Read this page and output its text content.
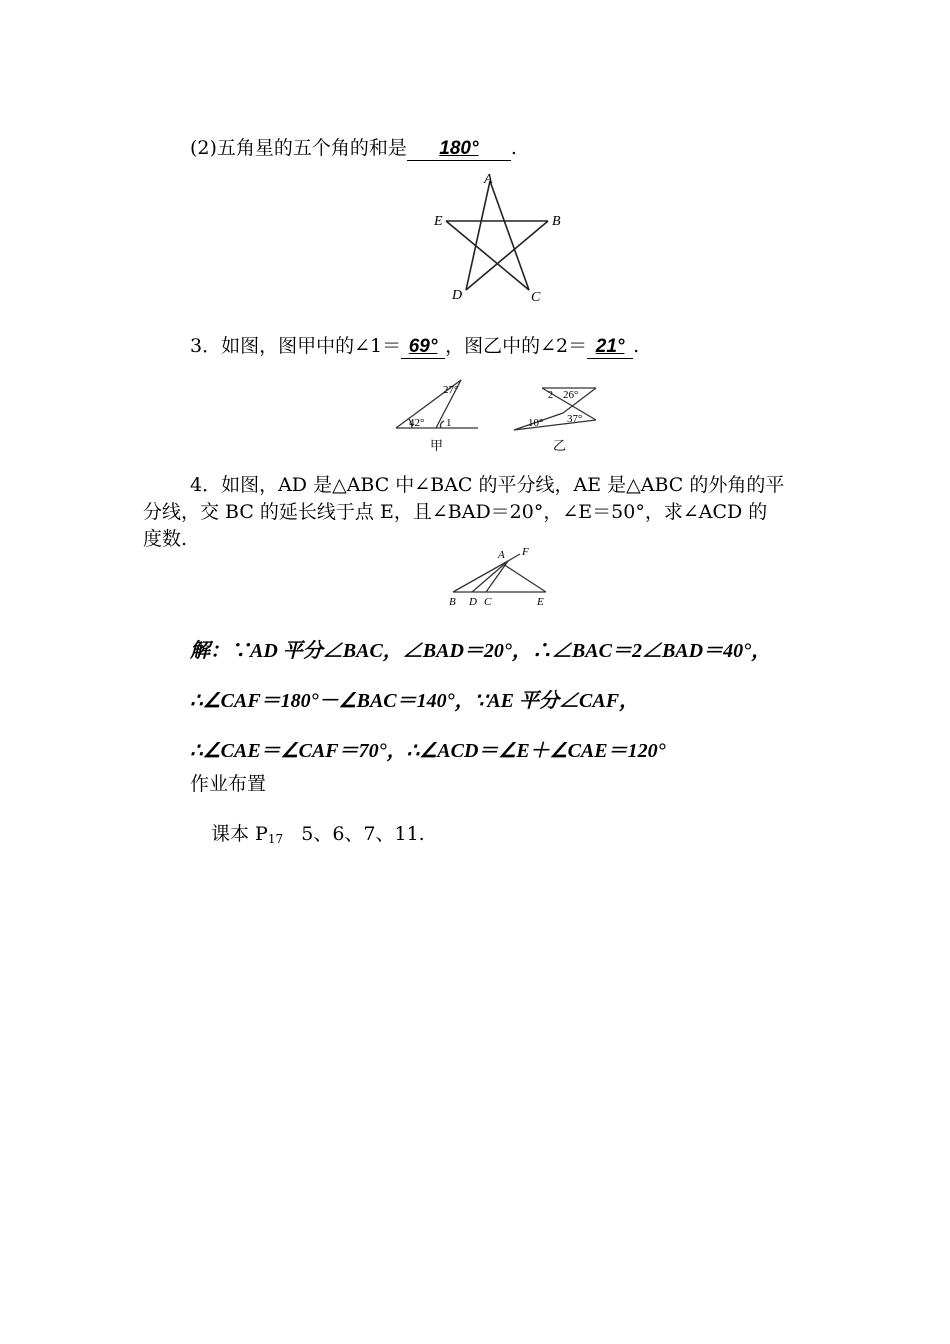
(2)五角星的五个角的和是 180° .
A
B
E
D	C
27°
42° 1
甲
2 26°
37°
10°
乙
A F
B D C	E
3．如图，图甲中的∠1＝ 69° ，图乙中的∠2＝ 21° .
4．如图，AD 是△ABC 中∠BAC 的平分线，AE 是△ABC 的外角的平
分线，交 BC 的延长线于点 E，且∠BAD＝20°，∠E＝50°，求∠ACD 的
度数.
解：∵AD 平分∠BAC，∠BAD＝20°，∴∠BAC＝2∠BAD＝40°，
∴∠CAF＝180°－∠BAC＝140°，∵AE 平分∠CAF，
∴∠CAE＝∠CAF＝70°，∴∠ACD＝∠E＋∠CAE＝120°
作业布置
课本 $P_{17}$ 5、6、7、11.
